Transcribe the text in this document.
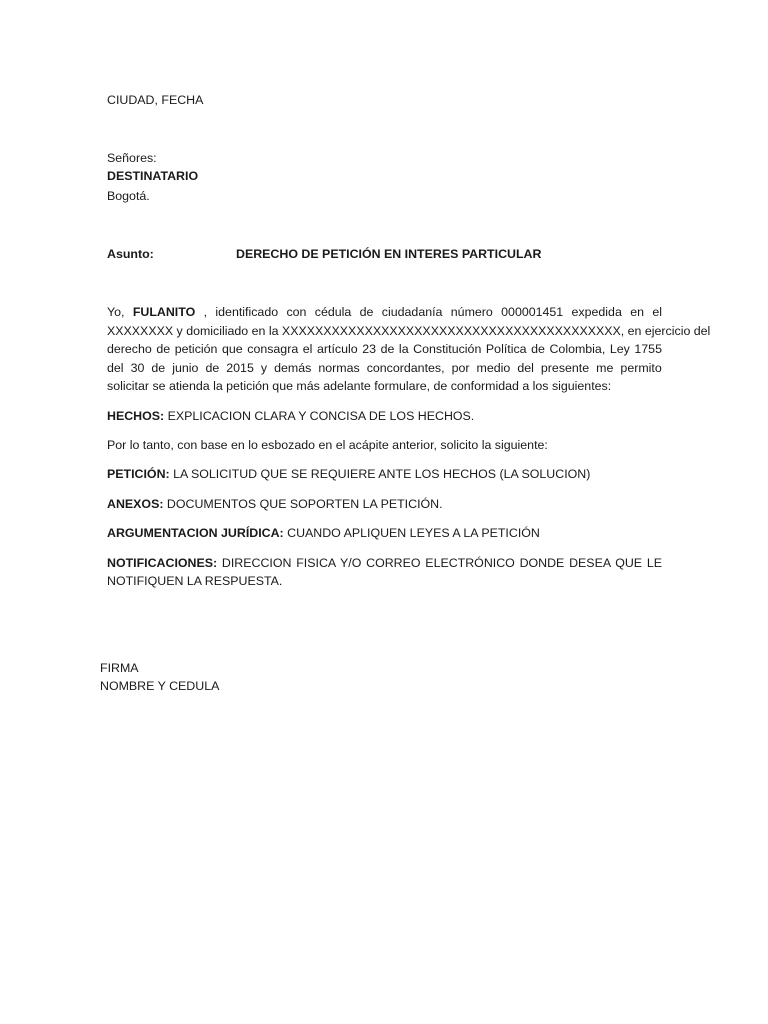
CIUDAD, FECHA
Señores:
DESTINATARIO
Bogotá.
Asunto:	DERECHO DE PETICIÓN EN INTERES PARTICULAR
Yo, FULANITO , identificado con cédula de ciudadanía número 000001451 expedida en el
XXXXXXXX y domiciliado en la XXXXXXXXXXXXXXXXXXXXXXXXXXXXXXXXXXXXXXXXX, en ejercicio del
derecho de petición que consagra el artículo 23 de la Constitución Política de Colombia, Ley 1755
del 30 de junio de 2015 y demás normas concordantes, por medio del presente me permito
solicitar se atienda la petición que más adelante formulare, de conformidad a los siguientes:
HECHOS: EXPLICACION CLARA Y CONCISA DE LOS HECHOS.
Por lo tanto, con base en lo esbozado en el acápite anterior, solicito la siguiente:
PETICIÓN: LA SOLICITUD QUE SE REQUIERE ANTE LOS HECHOS (LA SOLUCION)
ANEXOS: DOCUMENTOS QUE SOPORTEN LA PETICIÓN.
ARGUMENTACION JURÍDICA: CUANDO APLIQUEN LEYES A LA PETICIÓN
NOTIFICACIONES: DIRECCION FISICA Y/O CORREO ELECTRÓNICO DONDE DESEA QUE LE
NOTIFIQUEN LA RESPUESTA.
FIRMA
NOMBRE Y CEDULA
